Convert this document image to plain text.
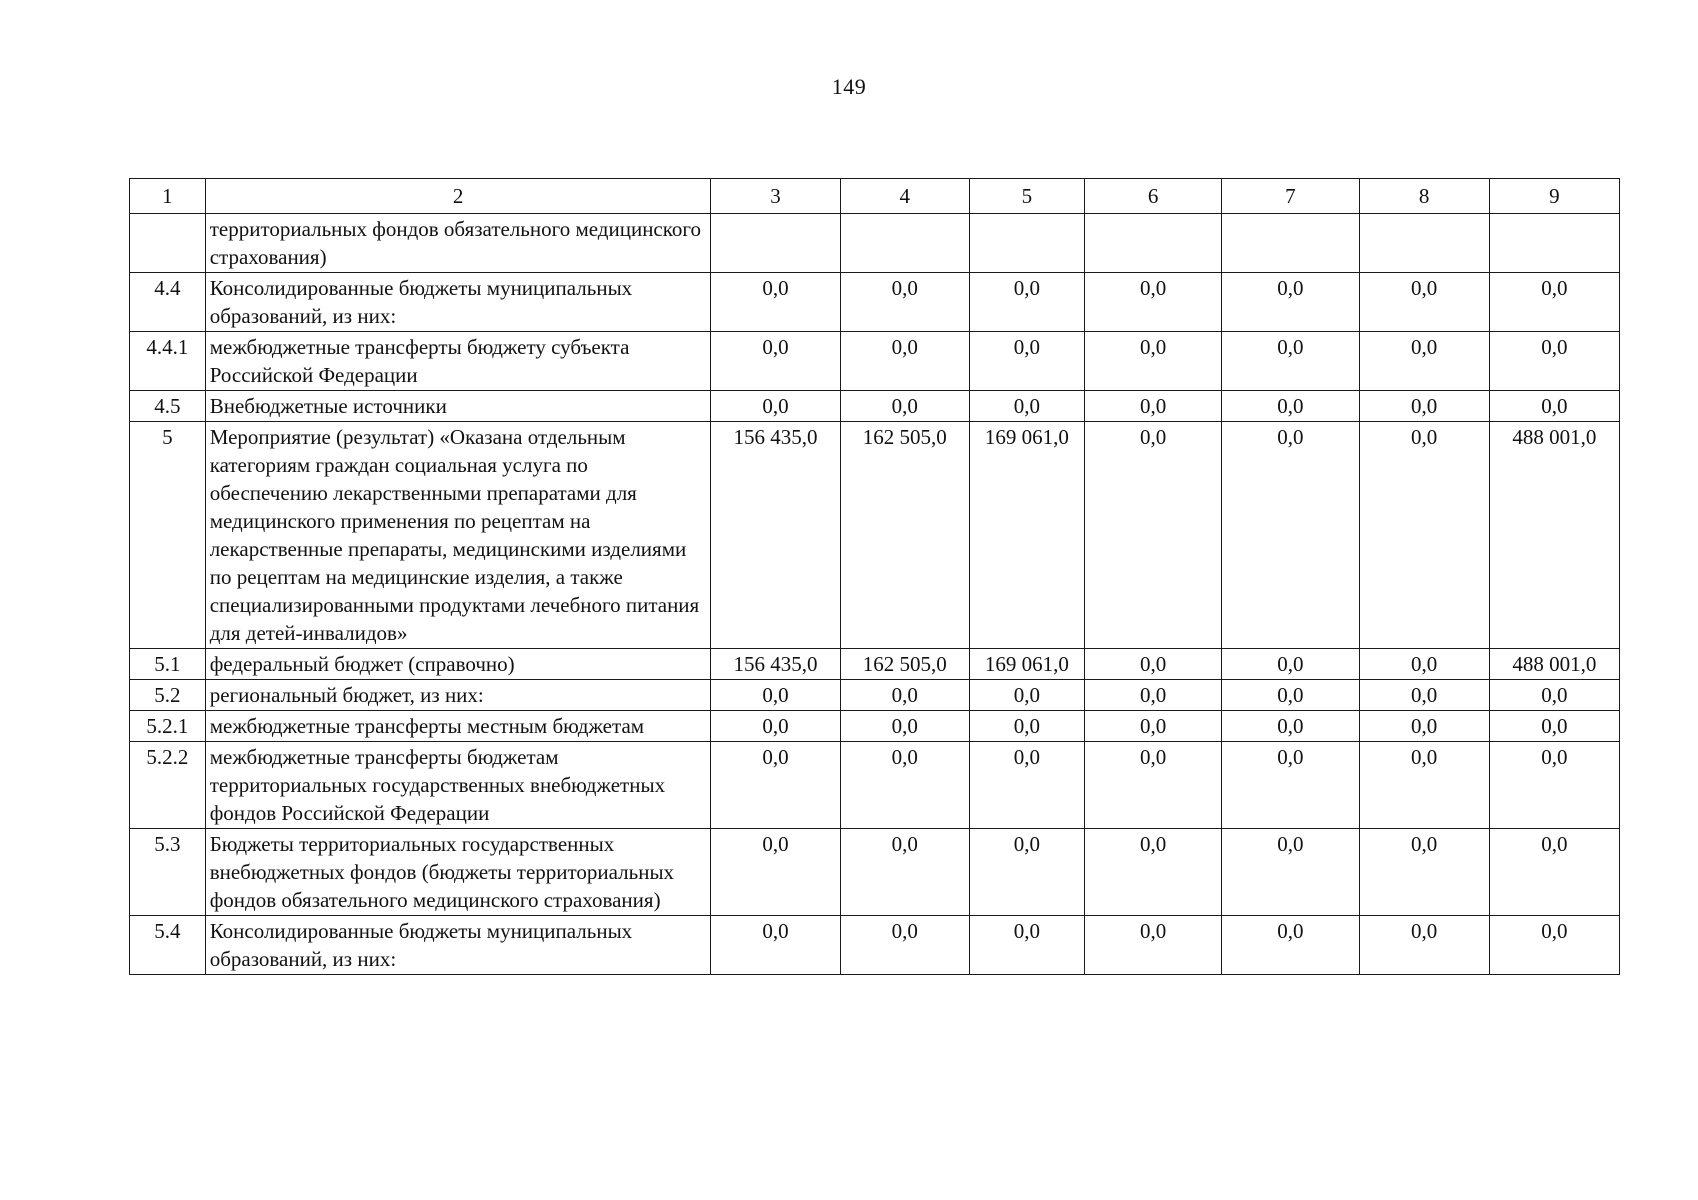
149
1	2	3	4	5	6	7	8	9
	территориальных фондов обязательного медицинского страхования)							
4.4	Консолидированные бюджеты муниципальных образований, из них:	0,0	0,0	0,0	0,0	0,0	0,0	0,0
4.4.1	межбюджетные трансферты бюджету субъекта Российской Федерации	0,0	0,0	0,0	0,0	0,0	0,0	0,0
4.5	Внебюджетные источники	0,0	0,0	0,0	0,0	0,0	0,0	0,0
5	Мероприятие (результат) «Оказана отдельным категориям граждан социальная услуга по обеспечению лекарственными препаратами для медицинского применения по рецептам на лекарственные препараты, медицинскими изделиями по рецептам на медицинские изделия, а также специализированными продуктами лечебного питания для детей-инвалидов»	156 435,0	162 505,0	169 061,0	0,0	0,0	0,0	488 001,0
5.1	федеральный бюджет (справочно)	156 435,0	162 505,0	169 061,0	0,0	0,0	0,0	488 001,0
5.2	региональный бюджет, из них:	0,0	0,0	0,0	0,0	0,0	0,0	0,0
5.2.1	межбюджетные трансферты местным бюджетам	0,0	0,0	0,0	0,0	0,0	0,0	0,0
5.2.2	межбюджетные трансферты бюджетам территориальных государственных внебюджетных фондов Российской Федерации	0,0	0,0	0,0	0,0	0,0	0,0	0,0
5.3	Бюджеты территориальных государственных внебюджетных фондов (бюджеты территориальных фондов обязательного медицинского страхования)	0,0	0,0	0,0	0,0	0,0	0,0	0,0
5.4	Консолидированные бюджеты муниципальных образований, из них:	0,0	0,0	0,0	0,0	0,0	0,0	0,0
